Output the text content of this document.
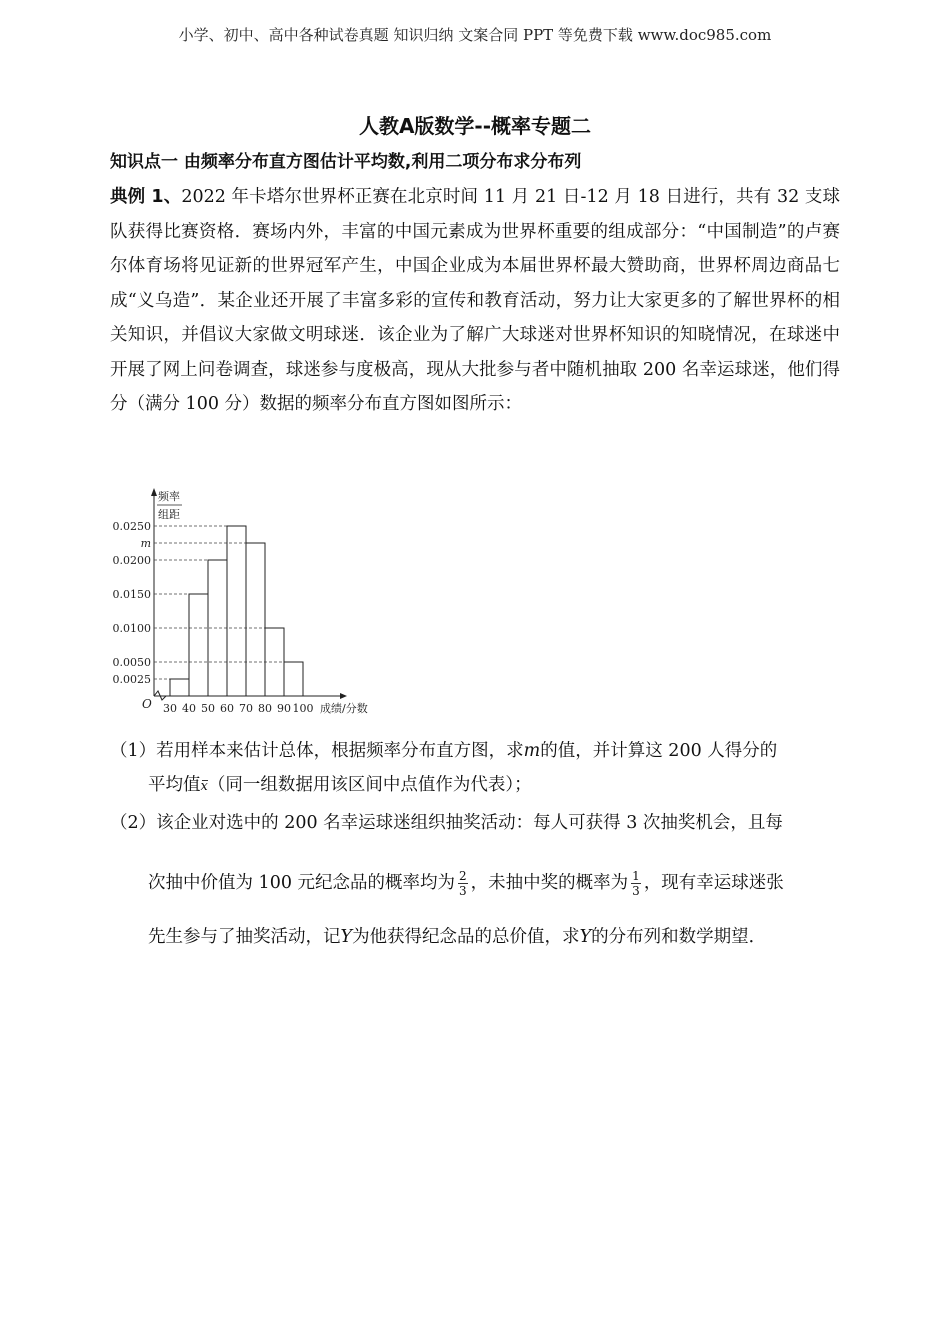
小学、初中、高中各种试卷真题 知识归纳 文案合同 PPT 等免费下载 www.doc985.com
人教A版数学--概率专题二
知识点一 由频率分布直方图估计平均数,利用二项分布求分布列
典例 1、2022 年卡塔尔世界杯正赛在北京时间 11 月 21 日-12 月 18 日进行，共有 32 支球队获得比赛资格．赛场内外，丰富的中国元素成为世界杯重要的组成部分：“中国制造”的卢赛尔体育场将见证新的世界冠军产生，中国企业成为本届世界杯最大赞助商，世界杯周边商品七成“义乌造”．某企业还开展了丰富多彩的宣传和教育活动，努力让大家更多的了解世界杯的相关知识，并倡议大家做文明球迷．该企业为了解广大球迷对世界杯知识的知晓情况，在球迷中开展了网上问卷调查，球迷参与度极高，现从大批参与者中随机抽取 200 名幸运球迷，他们得分（满分 100 分）数据的频率分布直方图如图所示：
频率
组距
0.0025
0.0050
0.0100
0.0150
0.0200
m
0.0250
30 40 50 60 70 80 90 100
O	成绩/分数
（1）若用样本来估计总体，根据频率分布直方图，求m的值，并计算这 200 人得分的
平均值x（同一组数据用该区间中点值作为代表）；
（2）该企业对选中的 200 名幸运球迷组织抽奖活动：每人可获得 3 次抽奖机会，且每
次抽中价值为 100 元纪念品的概率均为 $\frac{2}{3}$ ，未抽中奖的概率为 $\frac{1}{3}$ ，现有幸运球迷张
先生参与了抽奖活动，记Y为他获得纪念品的总价值，求Y的分布列和数学期望．
